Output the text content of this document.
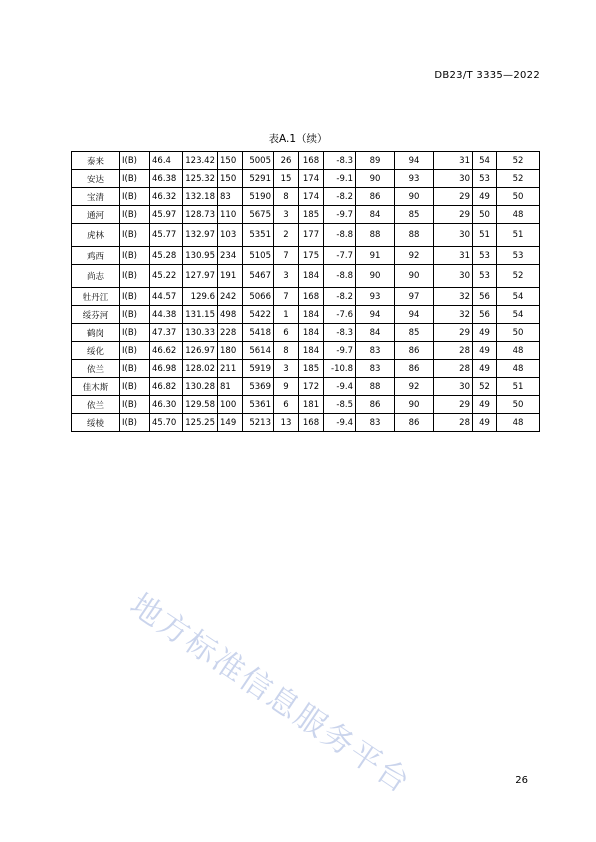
DB23/T 3335—2022
表A.1（续）
泰来	Ⅰ(B)	46.4	123.42	150	5005	26	168	-8.3	89	94	31	54	52
安达	Ⅰ(B)	46.38	125.32	150	5291	15	174	-9.1	90	93	30	53	52
宝清	Ⅰ(B)	46.32	132.18	83	5190	8	174	-8.2	86	90	29	49	50
通河	Ⅰ(B)	45.97	128.73	110	5675	3	185	-9.7	84	85	29	50	48
虎林	Ⅰ(B)	45.77	132.97	103	5351	2	177	-8.8	88	88	30	51	51
鸡西	Ⅰ(B)	45.28	130.95	234	5105	7	175	-7.7	91	92	31	53	53
尚志	Ⅰ(B)	45.22	127.97	191	5467	3	184	-8.8	90	90	30	53	52
牡丹江	Ⅰ(B)	44.57	129.6	242	5066	7	168	-8.2	93	97	32	56	54
绥芬河	Ⅰ(B)	44.38	131.15	498	5422	1	184	-7.6	94	94	32	56	54
鹤岗	Ⅰ(B)	47.37	130.33	228	5418	6	184	-8.3	84	85	29	49	50
绥化	Ⅰ(B)	46.62	126.97	180	5614	8	184	-9.7	83	86	28	49	48
依兰	Ⅰ(B)	46.98	128.02	211	5919	3	185	-10.8	83	86	28	49	48
佳木斯	Ⅰ(B)	46.82	130.28	81	5369	9	172	-9.4	88	92	30	52	51
依兰	Ⅰ(B)	46.30	129.58	100	5361	6	181	-8.5	86	90	29	49	50
绥棱	Ⅰ(B)	45.70	125.25	149	5213	13	168	-9.4	83	86	28	49	48
地方标准信息服务平台	26
